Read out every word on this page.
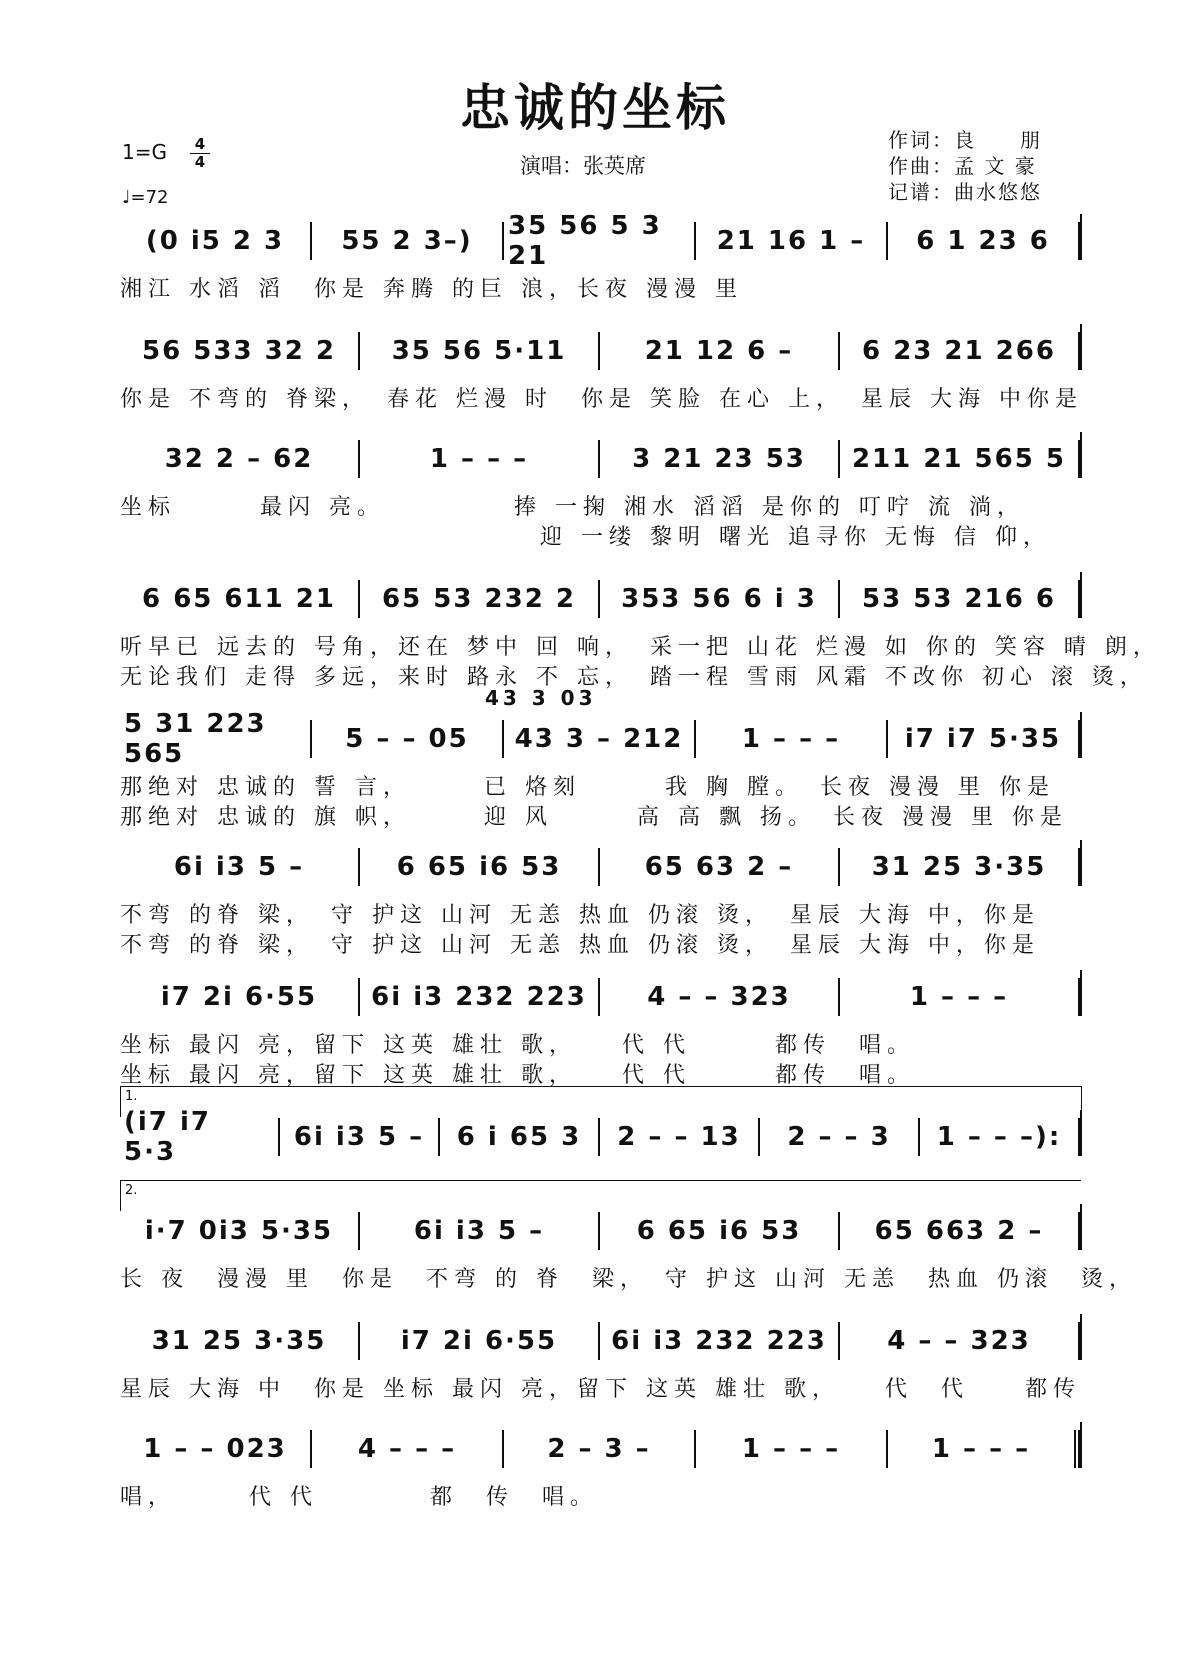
忠诚的坐标
1=G	4
4
♩=72
演唱：张英席
作词：良　　朋
作曲：孟 文 豪
记谱：曲水悠悠
(0 i5 2 3	55 2 3–)	35 56 5 3 21	21 16 1 –	6 1 23 6
湘江 水滔 滔　你是 奔腾 的巨 浪，长夜 漫漫 里
56 533 32 2	35 56 5·11	21 12 6 –	6 23 21 266
你是 不弯的 脊梁，　春花 烂漫 时　你是 笑脸 在心 上，　星辰 大海 中你是
32 2 – 62	1 – – –	3 21 23 53	211 21 565 5
坐标　　　最闪 亮。　　　　　捧 一掬 湘水 滔滔 是你的 叮咛 流 淌，
　　　　　　　　　　　　　　　迎 一缕 黎明 曙光 追寻你 无悔 信 仰，
6 65 611 21	65 53 232 2	353 56 6 i 3	53 53 216 6
听早已 远去的 号角，还在 梦中 回 响，　采一把 山花 烂漫 如 你的 笑容 晴 朗，
无论我们 走得 多远，来时 路永 不 忘，　踏一程 雪雨 风霜 不改你 初心 滚 烫，
43 3 03
5 31 223 565	5 – – 05	43 3 – 212	1 – – –	i7 i7 5·35
那绝对 忠诚的 誓 言，　　　已 烙刻　　　我 胸 膛。　长夜 漫漫 里 你是
那绝对 忠诚的 旗 帜，　　　迎 风　　　高 高 飘 扬。　长夜 漫漫 里 你是
6i i3 5 –	6 65 i6 53	65 63 2 –	31 25 3·35
不弯 的脊 梁，　守 护这 山河 无恙 热血 仍滚 烫，　星辰 大海 中，你是
不弯 的脊 梁，　守 护这 山河 无恙 热血 仍滚 烫，　星辰 大海 中，你是
i7 2i 6·55	6i i3 232 223	4 – – 323	1 – – –
坐标 最闪 亮，留下 这英 雄壮 歌，　　代 代　　　都传　唱。
坐标 最闪 亮，留下 这英 雄壮 歌，　　代 代　　　都传　唱。
1.
(i7 i7 5·3	6i i3 5 –	6 i 65 3	2 – – 13	2 – – 3	1 – – –):
2.
i·7 0i3 5·35	6i i3 5 –	6 65 i6 53	65 663 2 –
长 夜　漫漫 里　你是　不弯 的 脊　梁，　守 护这 山河 无恙　热血 仍滚　烫，
31 25 3·35	i7 2i 6·55	6i i3 232 223	4 – – 323
星辰 大海 中　你是 坐标 最闪 亮，留下 这英 雄壮 歌，　　代　代　　都传
1 – – 023	4 – – –	2 – 3 –	1 – – –	1 – – –
唱，　　　代 代　　　　都　传　唱。
